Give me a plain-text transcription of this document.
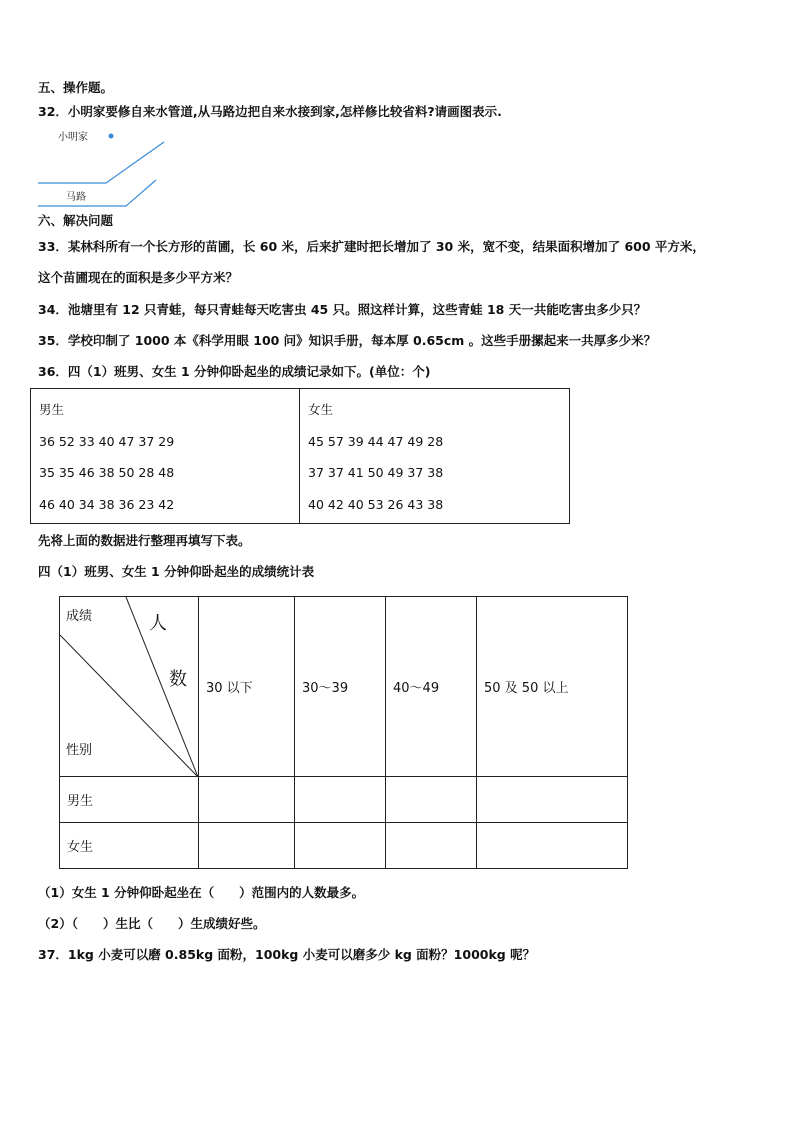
五、操作题。
32．小明家要修自来水管道,从马路边把自来水接到家,怎样修比较省料?请画图表示.
小明家
马路
六、解决问题
33．某林科所有一个长方形的苗圃，长 60 米，后来扩建时把长增加了 30 米，宽不变，结果面积增加了 600 平方米，
这个苗圃现在的面积是多少平方米？
34．池塘里有 12 只青蛙，每只青蛙每天吃害虫 45 只。照这样计算，这些青蛙 18 天一共能吃害虫多少只？
35．学校印制了 1000 本《科学用眼 100 问》知识手册，每本厚 0.65cm 。这些手册摞起来一共厚多少米？
36．四（1）班男、女生 1 分钟仰卧起坐的成绩记录如下。(单位：个)
男生
36 52 33 40 47 37 29
35 35 46 38 50 28 48
46 40 34 38 36 23 42

女生
45 57 39 44 47 49 28
37 37 41 50 49 37 38
40 42 40 53 26 43 38
先将上面的数据进行整理再填写下表。
四（1）班男、女生 1 分钟仰卧起坐的成绩统计表
成绩 人
数
性别	30 以下	30～39	40～49	50 及 50 以上
男生				
女生				
（1）女生 1 分钟仰卧起坐在（　　）范围内的人数最多。
（2）（　　）生比（　　）生成绩好些。
37．1kg 小麦可以磨 0.85kg 面粉，100kg 小麦可以磨多少 kg 面粉？1000kg 呢？
